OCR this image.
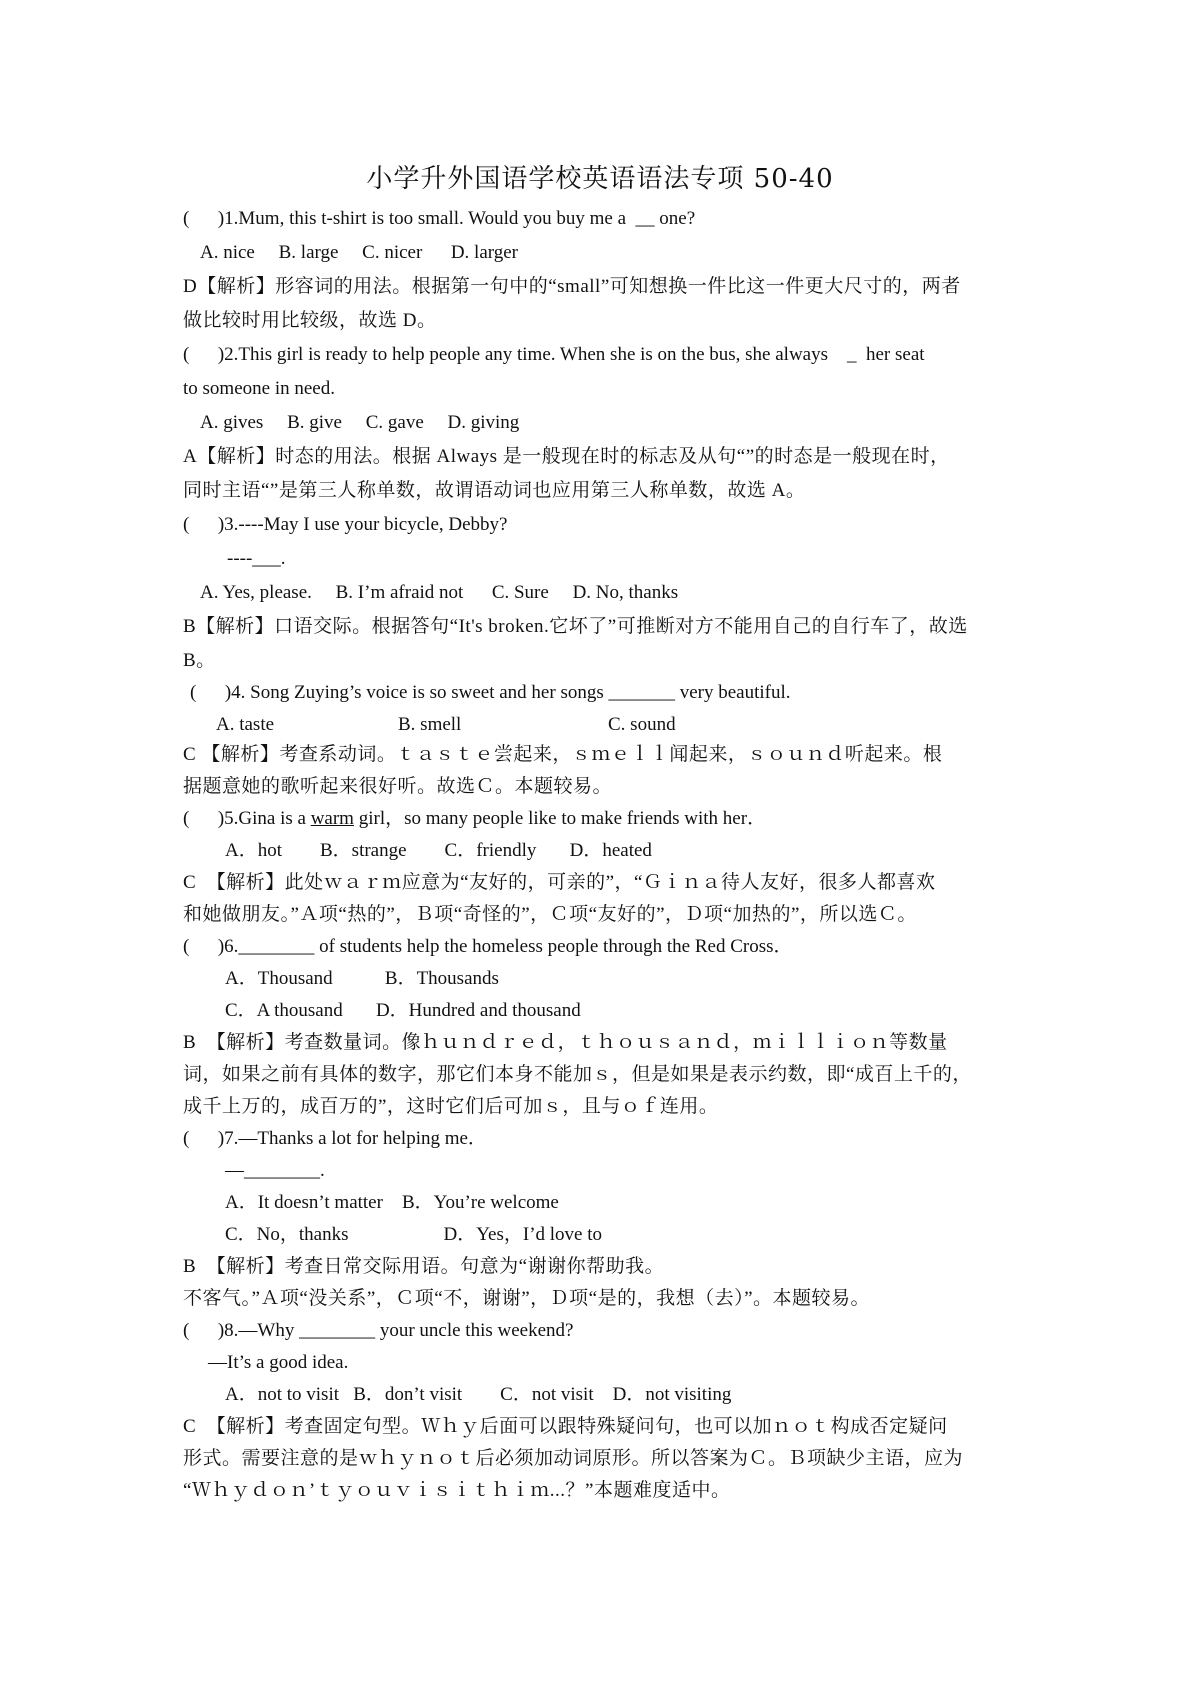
小学升外国语学校英语语法专项 50-40
(      )1.Mum, this t-shirt is too small. Would you buy me a  __ one?
A. nice     B. large     C. nicer      D. larger
D【解析】形容词的用法。根据第一句中的“small”可知想换一件比这一件更大尺寸的，两者
做比较时用比较级，故选 D。
(      )2.This girl is ready to help people any time. When she is on the bus, she always    _  her seat
to someone in need.
A. gives     B. give     C. gave     D. giving
A【解析】时态的用法。根据 Always 是一般现在时的标志及从句“”的时态是一般现在时，
同时主语“”是第三人称单数，故谓语动词也应用第三人称单数，故选 A。
(      )3.----May I use your bicycle, Debby?
----___.
A. Yes, please.     B. I’m afraid not      C. Sure     D. No, thanks
B【解析】口语交际。根据答句“It's broken.它坏了”可推断对方不能用自己的自行车了，故选
B。
(      )4. Song Zuying’s voice is so sweet and her songs _______ very beautiful.
A. taste	B. smell	C. sound
C 【解析】考查系动词。ｔａｓｔｅ尝起来，ｓｍｅｌｌ闻起来，ｓｏｕｎｄ听起来。根
据题意她的歌听起来很好听。故选Ｃ。本题较易。
(      )5.Gina is a warm girl，so many people like to make friends with her．
A．hot        B．strange        C．friendly       D．heated
C  【解析】此处ｗａｒｍ应意为“友好的，可亲的”，“Ｇｉｎａ待人友好，很多人都喜欢
和她做朋友。”Ａ项“热的”，Ｂ项“奇怪的”，Ｃ项“友好的”，Ｄ项“加热的”，所以选Ｃ。
(      )6.________ of students help the homeless people through the Red Cross．
A．Thousand           B．Thousands
C．A thousand       D．Hundred and thousand
B  【解析】考查数量词。像ｈｕｎｄｒｅｄ，ｔｈｏｕｓａｎｄ，ｍｉｌｌｉｏｎ等数量
词，如果之前有具体的数字，那它们本身不能加ｓ，但是如果是表示约数，即“成百上千的，
成千上万的，成百万的”，这时它们后可加ｓ，且与ｏｆ连用。
(      )7.—Thanks a lot for helping me．
—________.
A．It doesn’t matter    B．You’re welcome
C．No，thanks                    D．Yes，I’d love to
B  【解析】考查日常交际用语。句意为“谢谢你帮助我。
不客气。”Ａ项“没关系”，Ｃ项“不，谢谢”，Ｄ项“是的，我想（去）”。本题较易。
(      )8.—Why ________ your uncle this weekend?
—It’s a good idea.
A．not to visit   B．don’t visit        C．not visit    D．not visiting
C  【解析】考查固定句型。Ｗｈｙ后面可以跟特殊疑问句，也可以加ｎｏｔ构成否定疑问
形式。需要注意的是ｗｈｙｎｏｔ后必须加动词原形。所以答案为Ｃ。Ｂ项缺少主语，应为
“Ｗｈｙｄｏｎ’ｔｙｏｕｖｉｓｉｔｈｉｍ...？”本题难度适中。
